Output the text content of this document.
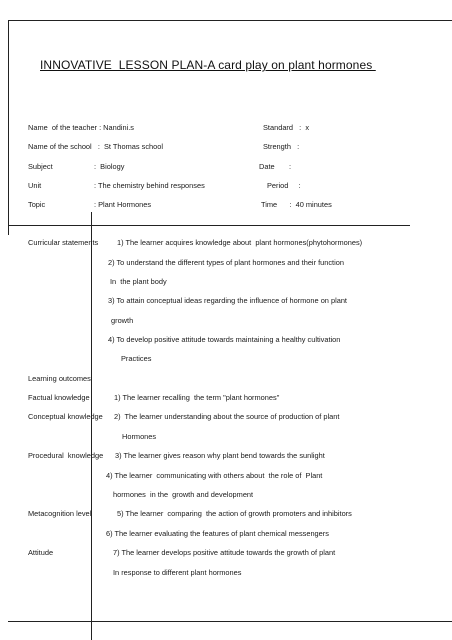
INNOVATIVE  LESSON PLAN-A card play on plant hormones
Name  of the teacher : Nandini.s	Standard   :  x
Name of the school   :  St Thomas school	Strength   :
Subject	:  Biology	Date       :
Unit	: The chemistry behind responses	Period     :
Topic	: Plant Hormones	Time      :  40 minutes
Curricular statements	1) The learner acquires knowledge about  plant hormones(phytohormones)
2) To understand the different types of plant hormones and their function
In  the plant body
3) To attain conceptual ideas regarding the influence of hormone on plant
growth
4) To develop positive attitude towards maintaining a healthy cultivation
Practices
Learning outcomes
Factual knowledge	1) The learner recalling  the term "plant hormones"
Conceptual knowledge 2)  The learner understanding about the source of production of plant
Hormones
Procedural  knowledge 3) The learner gives reason why plant bend towards the sunlight
4) The learner  communicating with others about  the role of  Plant
hormones  in the  growth and development
Metacognition level	5) The learner  comparing  the action of growth promoters and inhibitors
6) The learner evaluating the features of plant chemical messengers
Attitude	7) The learner develops positive attitude towards the growth of plant
In response to different plant hormones
